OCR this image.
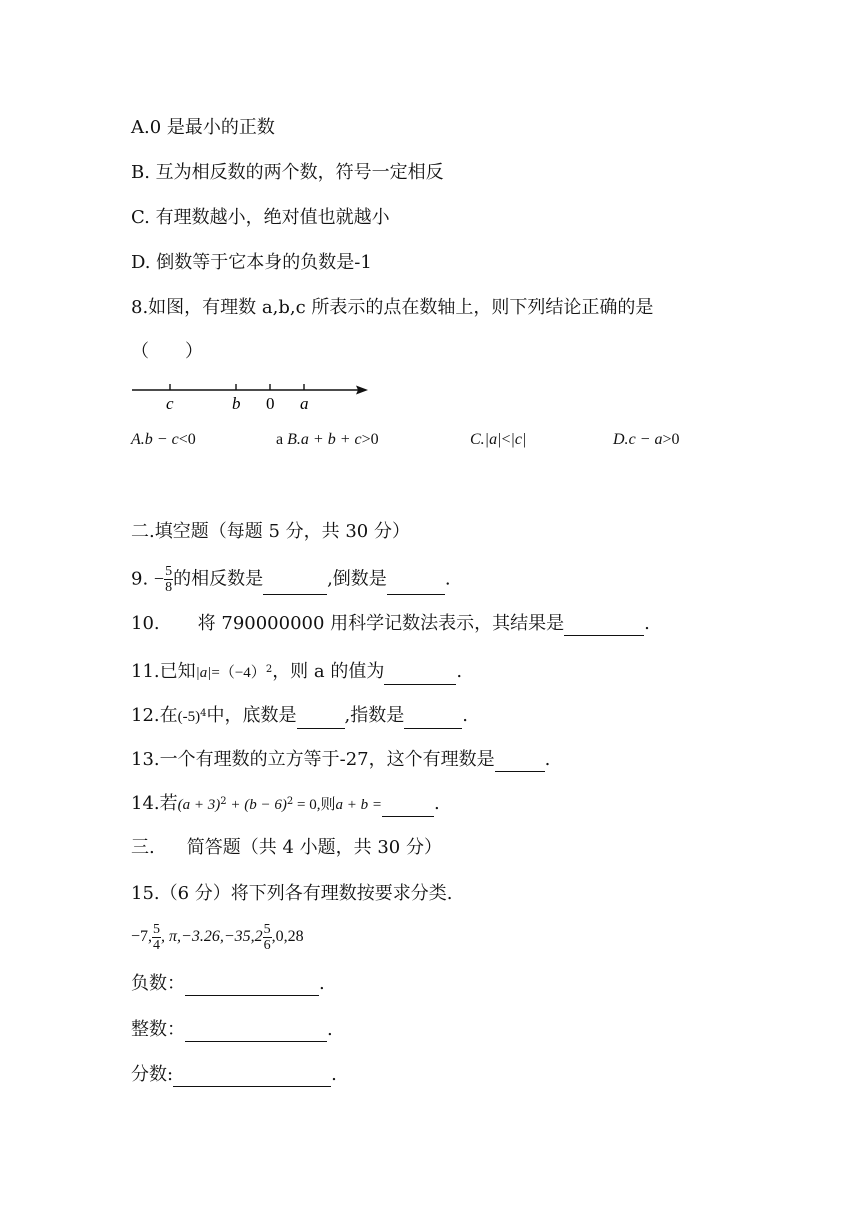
A.0 是最小的正数
B. 互为相反数的两个数，符号一定相反
C. 有理数越小，绝对值也就越小
D. 倒数等于它本身的负数是-1
8.如图，有理数 a,b,c 所表示的点在数轴上，则下列结论正确的是
（　　）
c	b 0 a
A.b − c<0	a B.a + b + c>0	C.|a|<|c|	D.c − a>0
二.填空题（每题 5 分，共 30 分）
9. − $\frac{5}{8}$ 的相反数是	,倒数是	.
10. 将 790000000 用科学记数法表示，其结果是	.
11.已知$|a|=(-4)^2$，则 a 的值为	.
12.在$(-5)^4$中，底数是	,指数是	.
13.一个有理数的立方等于-27，这个有理数是	.
14.若$(a + 3)^2 + (b - 6)^2 = 0$,则a + b =	.
三. 简答题（共 4 小题，共 30 分）
15.（6 分）将下列各有理数按要求分类.
−7, $\frac{5}{4}$ , $\pi,-3.26,-35,2 \frac{5}{6} ,0,28$
负数：	.
整数：	.
分数:	.
